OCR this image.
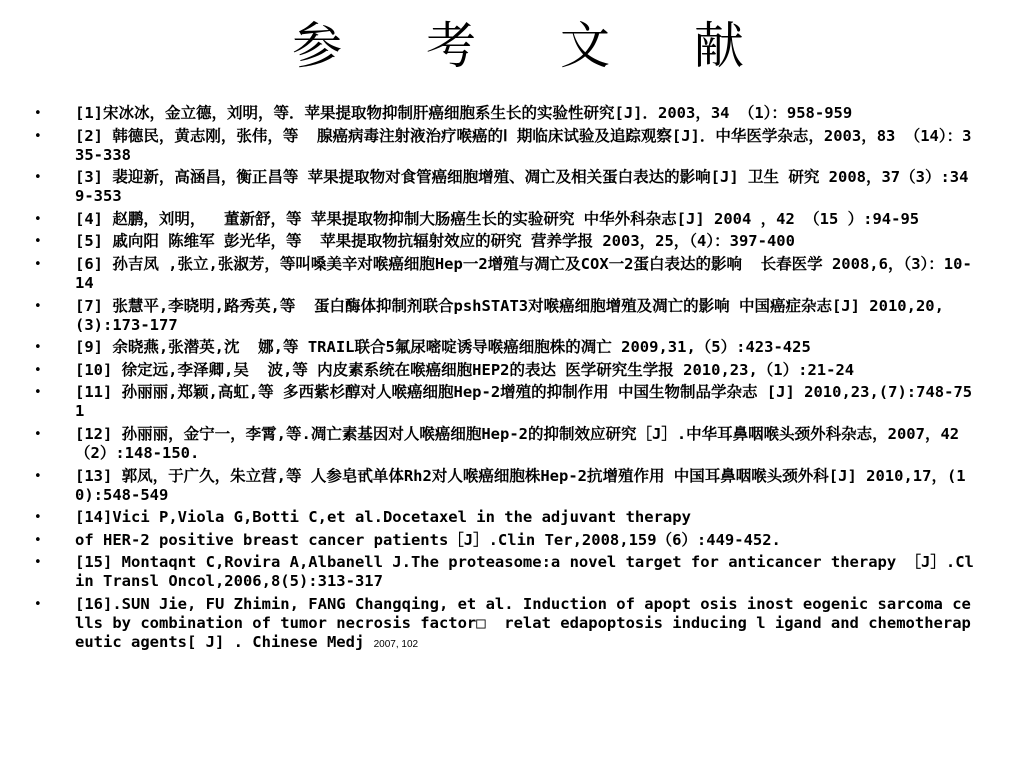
参 考 文 献
• [1]宋冰冰，金立德，刘明，等．苹果提取物抑制肝癌细胞系生长的实验性研究[J]．2003，34 （1）：958-959
• [2] 韩德民，黄志刚，张伟，等  腺癌病毒注射液治疗喉癌的Ⅰ 期临床试验及追踪观察[J]．中华医学杂志，2003，83 （14）：335-338
• [3] 裴迎新，高涵昌，衡正昌等 苹果提取物对食管癌细胞增殖、凋亡及相关蛋白表达的影响[J] 卫生 研究 2008，37（3）:349-353
• [4] 赵鹏，刘明，  董新舒，等 苹果提取物抑制大肠癌生长的实验研究 中华外科杂志[J] 2004 ，42 （15 ）:94-95
• [5] 戚向阳 陈维军 彭光华，等  苹果提取物抗辐射效应的研究 营养学报 2003，25，（4）：397-400
• [6] 孙吉凤 ,张立,张淑芳，等叫嗓美辛对喉癌细胞Hep一2增殖与凋亡及COX一2蛋白表达的影响  长春医学 2008,6，（3）：10-14
• [7] 张慧平,李晓明,路秀英,等  蛋白酶体抑制剂联合pshSTAT3对喉癌细胞增殖及凋亡的影响 中国癌症杂志[J] 2010,20,(3):173-177
• [9] 余晓燕,张潜英,沈  娜,等 TRAIL联合5氟尿嘧啶诱导喉癌细胞株的凋亡 2009,31,（5）:423-425
• [10] 徐定远,李泽卿,吴  波,等 内皮素系统在喉癌细胞HEP2的表达 医学研究生学报 2010,23,（1）:21-24
• [11] 孙丽丽,郑颖,高虹,等 多西紫杉醇对人喉癌细胞Hep-2增殖的抑制作用 中国生物制品学杂志 [J] 2010,23,(7):748-751
• [12] 孙丽丽，金宁一，李霄,等.凋亡素基因对人喉癌细胞Hep-2的抑制效应研究［J］.中华耳鼻咽喉头颈外科杂志，2007，42（2）:148-150.
• [13] 郭凤，于广久，朱立营,等 人参皂甙单体Rh2对人喉癌细胞株Hep-2抗增殖作用 中国耳鼻咽喉头颈外科[J] 2010,17，(10):548-549
• [14]Vici P,Viola G,Botti C,et al.Docetaxel in the adjuvant therapy
• of HER-2 positive breast cancer patients［J］.Clin Ter,2008,159（6）:449-452.
• [15] Montaqnt C,Rovira A,Albanell J.The proteasome:a novel target for anticancer therapy ［J］.Clin Transl Oncol,2006,8(5):313-317
• [16].SUN Jie, FU Zhimin, FANG Changqing, et al. Induction of apopt osis inost eogenic sarcoma cells by combination of tumor necrosis factor□  relat edapoptosis inducing l igand and chemotherapeutic agents[ J] . Chinese Medj 2007, 102
